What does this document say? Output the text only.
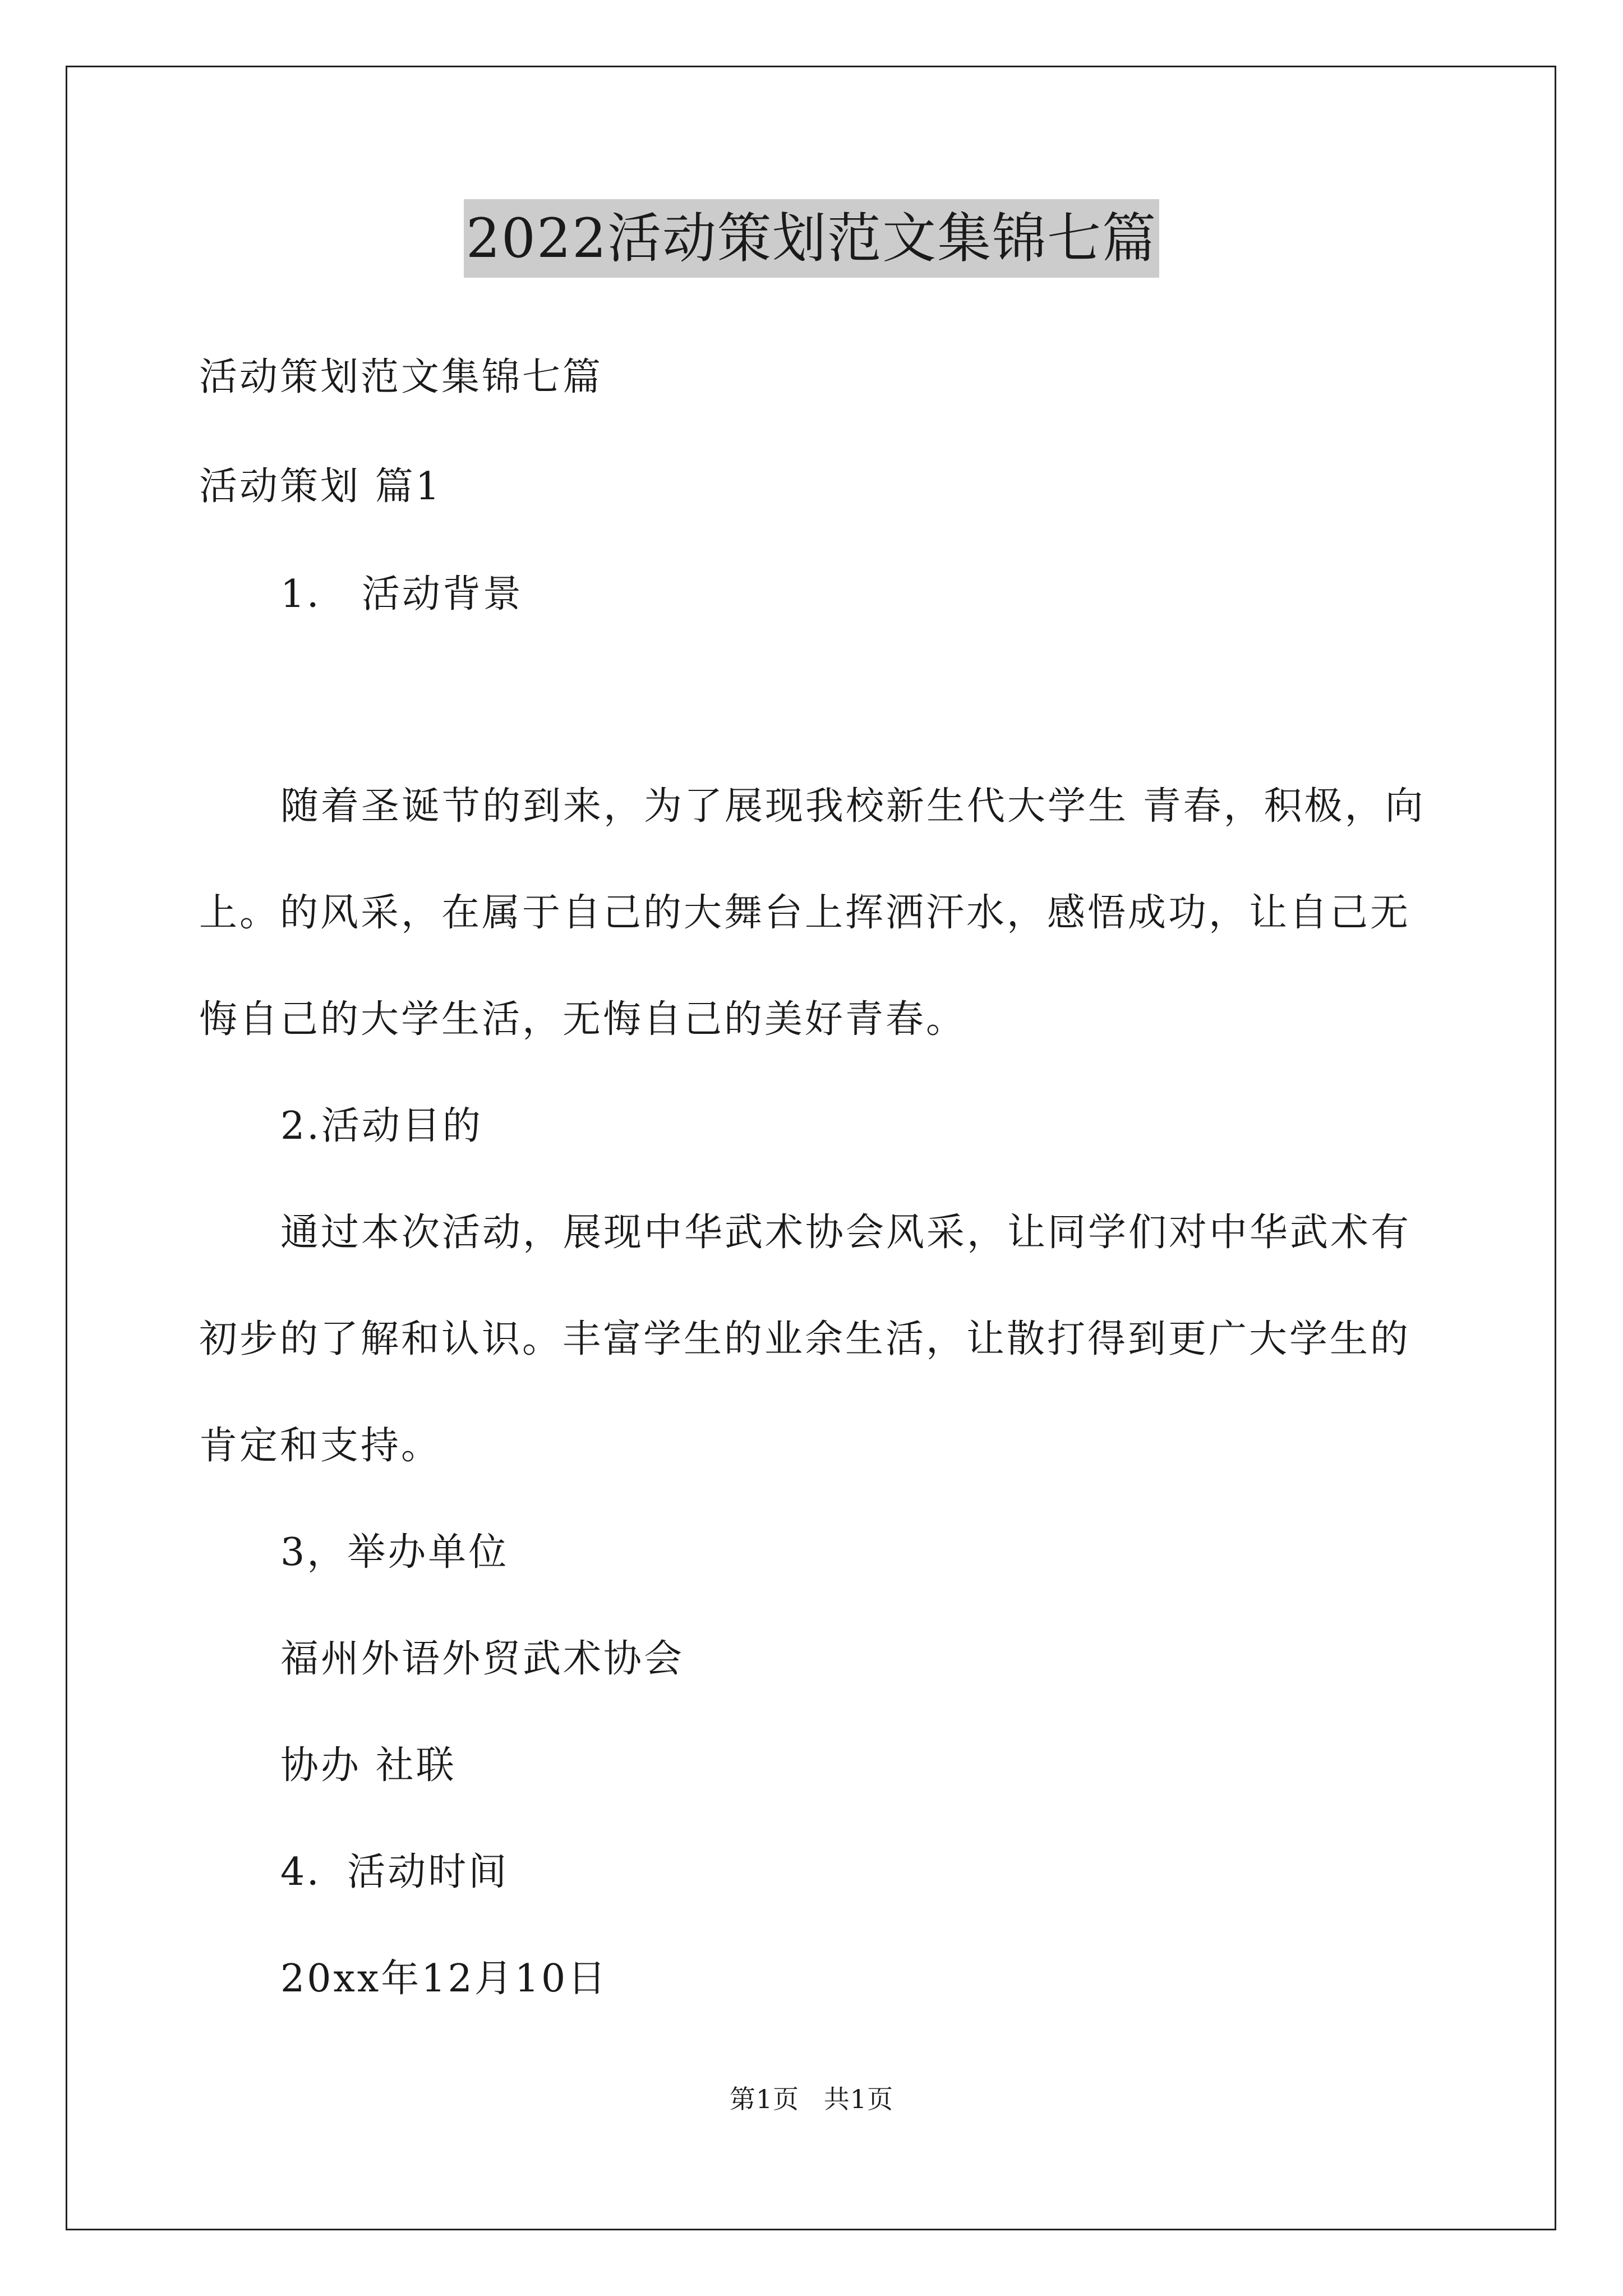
2022活动策划范文集锦七篇
活动策划范文集锦七篇
活动策划 篇1
1． 活动背景
随着圣诞节的到来，为了展现我校新生代大学生 青春，积极，向
上。的风采，在属于自己的大舞台上挥洒汗水，感悟成功，让自己无
悔自己的大学生活，无悔自己的美好青春。
2.活动目的
通过本次活动，展现中华武术协会风采，让同学们对中华武术有
初步的了解和认识。丰富学生的业余生活，让散打得到更广大学生的
肯定和支持。
3，举办单位
福州外语外贸武术协会
协办 社联
4．活动时间
20xx年12月10日
第1页 共1页
